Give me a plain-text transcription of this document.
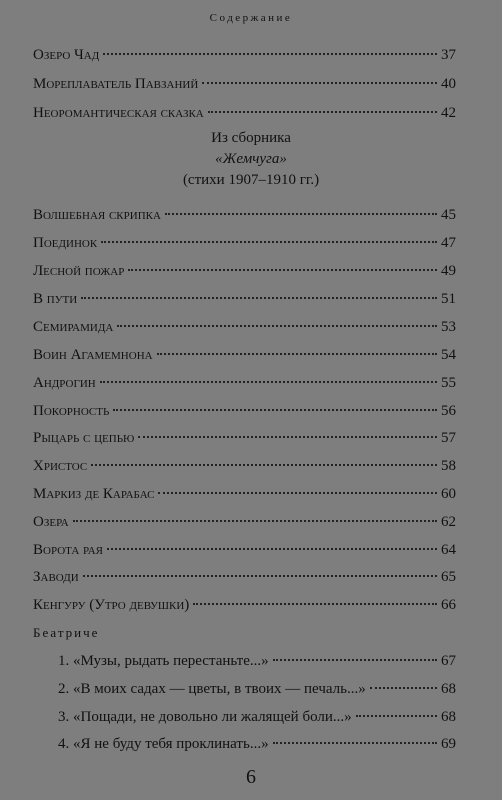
Содержание
Озеро Чад	37
Мореплаватель Павзаний	40
Неоромантическая сказка	42
Из сборника
«Жемчуга»
(стихи 1907–1910 гг.)
Волшебная скрипка	45
Поединок	47
Лесной пожар	49
В пути	51
Семирамида	53
Воин Агамемнона	54
Андрогин	55
Покорность	56
Рыцарь с цепью	57
Христос	58
Маркиз де Карабас	60
Озера	62
Ворота рая	64
Заводи	65
Кенгуру (Утро девушки)	66
Беатриче
1. «Музы, рыдать перестаньте...»	67
2. «В моих садах — цветы, в твоих — печаль...»	68
3. «Пощади, не довольно ли жалящей боли...»	68
4. «Я не буду тебя проклинать...»	69
6
